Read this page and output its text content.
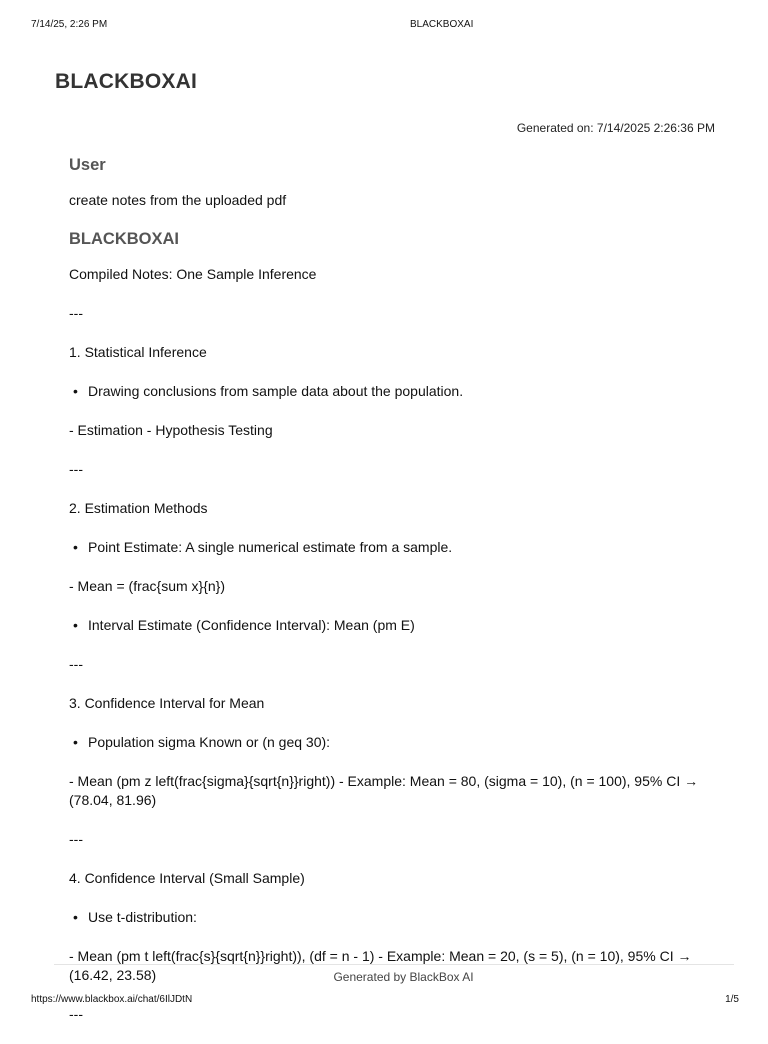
7/14/25, 2:26 PM	BLACKBOXAI
BLACKBOXAI
Generated on: 7/14/2025 2:26:36 PM
User

create notes from the uploaded pdf

BLACKBOXAI

Compiled Notes: One Sample Inference

---

1. Statistical Inference

• Drawing conclusions from sample data about the population.

- Estimation - Hypothesis Testing

---

2. Estimation Methods

• Point Estimate: A single numerical estimate from a sample.

- Mean = (frac{sum x}{n})

• Interval Estimate (Confidence Interval): Mean (pm E)

---

3. Confidence Interval for Mean

• Population sigma Known or (n geq 30):

- Mean (pm z left(frac{sigma}{sqrt{n}}right)) - Example: Mean = 80, (sigma = 10), (n = 100), 95% CI → (78.04, 81.96)

---

4. Confidence Interval (Small Sample)

• Use t-distribution:

- Mean (pm t left(frac{s}{sqrt{n}}right)), (df = n - 1) - Example: Mean = 20, (s = 5), (n = 10), 95% CI → (16.42, 23.58)

---

Generated by BlackBox AI
https://www.blackbox.ai/chat/6IlJDtN	1/5
